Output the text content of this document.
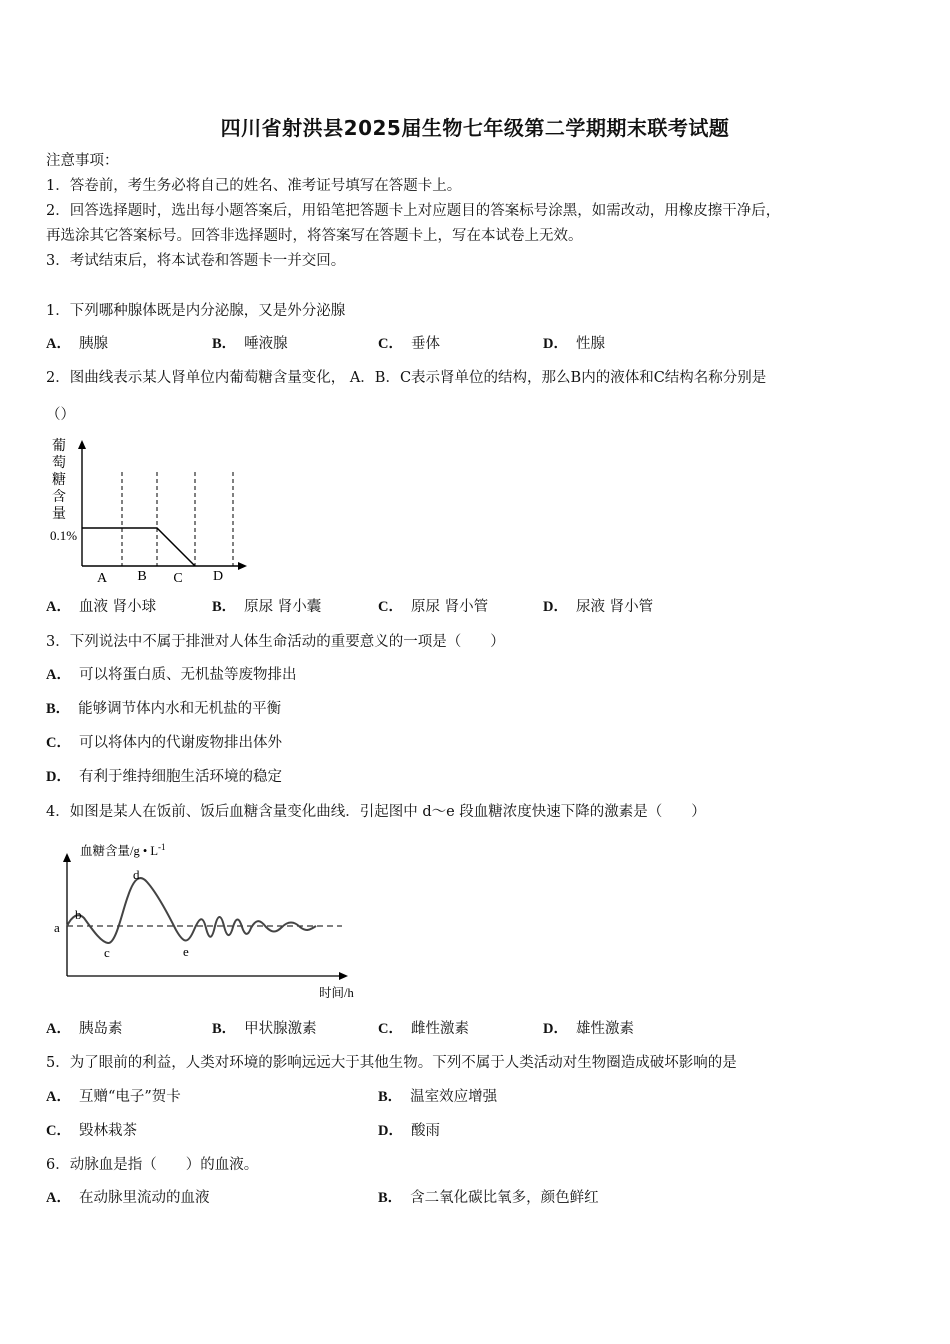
四川省射洪县2025届生物七年级第二学期期末联考试题
注意事项：
1．答卷前，考生务必将自己的姓名、准考证号填写在答题卡上。
2．回答选择题时，选出每小题答案后，用铅笔把答题卡上对应题目的答案标号涂黑，如需改动，用橡皮擦干净后，
再选涂其它答案标号。回答非选择题时，将答案写在答题卡上，写在本试卷上无效。
3．考试结束后，将本试卷和答题卡一并交回。
1．下列哪种腺体既是内分泌腺，又是外分泌腺
A． 胰腺	B． 唾液腺	C． 垂体	D． 性腺
2．图曲线表示某人肾单位内葡萄糖含量变化， A．B．C表示肾单位的结构，那么B内的液体和C结构名称分别是
（）
葡
萄
糖
含
量
0.1%
A B C D
A． 血液 肾小球	B． 原尿 肾小囊	C． 原尿 肾小管	D． 尿液 肾小管
3．下列说法中不属于排泄对人体生命活动的重要意义的一项是（　　）
A． 可以将蛋白质、无机盐等废物排出
B． 能够调节体内水和无机盐的平衡
C． 可以将体内的代谢废物排出体外
D． 有利于维持细胞生活环境的稳定
4．如图是某人在饭前、饭后血糖含量变化曲线．引起图中 d～e 段血糖浓度快速下降的激素是（　　）
血糖含量/g • $L^{-1}$
a
b
c
d
e
时间/h
A． 胰岛素	B． 甲状腺激素	C． 雌性激素	D． 雄性激素
5．为了眼前的利益，人类对环境的影响远远大于其他生物。下列不属于人类活动对生物圈造成破坏影响的是
A． 互赠“电子”贺卡	B． 温室效应增强
C． 毁林栽茶	D． 酸雨
6．动脉血是指（　　）的血液。
A． 在动脉里流动的血液	B． 含二氧化碳比氧多，颜色鲜红
